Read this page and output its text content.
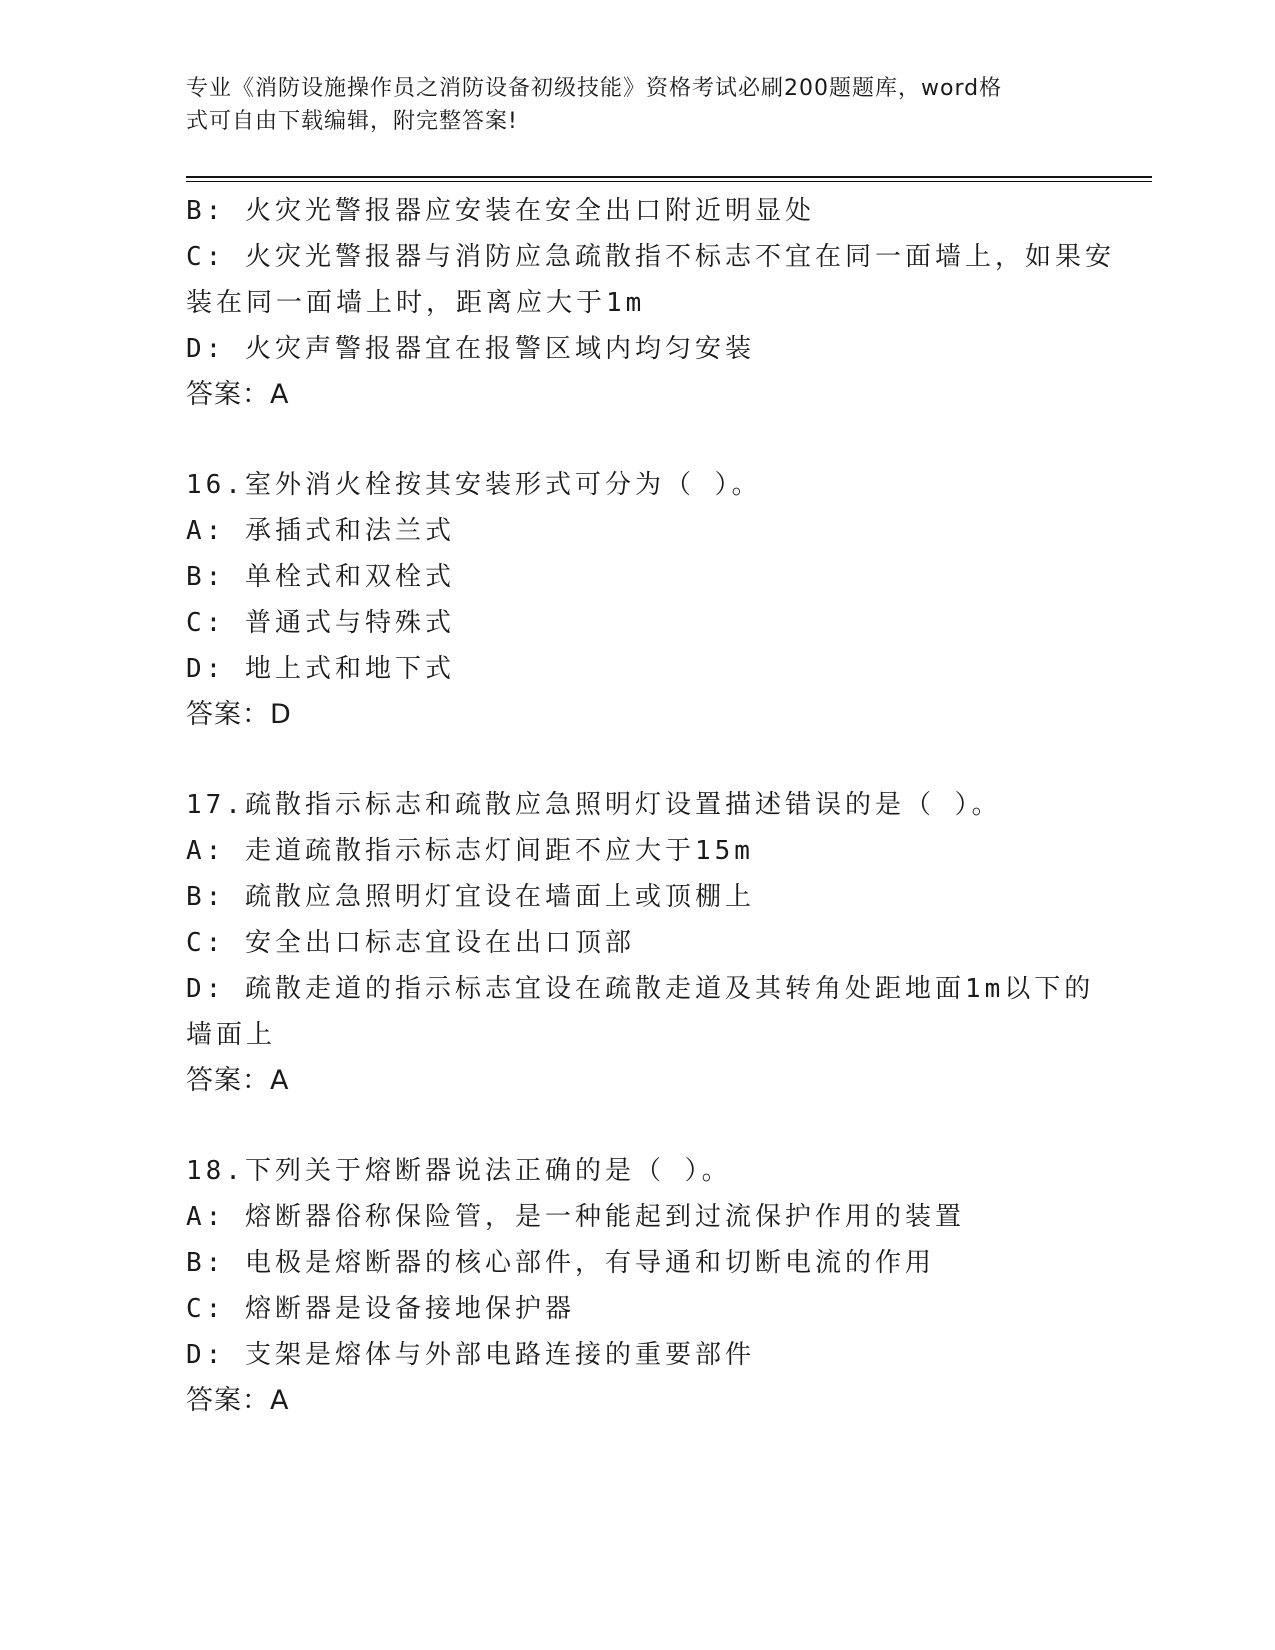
专业《消防设施操作员之消防设备初级技能》资格考试必刷200题题库，word格
式可自由下载编辑，附完整答案!
B: 火灾光警报器应安装在安全出口附近明显处
C: 火灾光警报器与消防应急疏散指不标志不宜在同一面墙上，如果安
装在同一面墙上时，距离应大于1m
D: 火灾声警报器宜在报警区域内均匀安装
答案：A
16.室外消火栓按其安装形式可分为（ ）。
A: 承插式和法兰式
B: 单栓式和双栓式
C: 普通式与特殊式
D: 地上式和地下式
答案：D
17.疏散指示标志和疏散应急照明灯设置描述错误的是（ ）。
A: 走道疏散指示标志灯间距不应大于15m
B: 疏散应急照明灯宜设在墙面上或顶棚上
C: 安全出口标志宜设在出口顶部
D: 疏散走道的指示标志宜设在疏散走道及其转角处距地面1m以下的
墙面上
答案：A
18.下列关于熔断器说法正确的是（ ）。
A: 熔断器俗称保险管，是一种能起到过流保护作用的装置
B: 电极是熔断器的核心部件，有导通和切断电流的作用
C: 熔断器是设备接地保护器
D: 支架是熔体与外部电路连接的重要部件
答案：A
